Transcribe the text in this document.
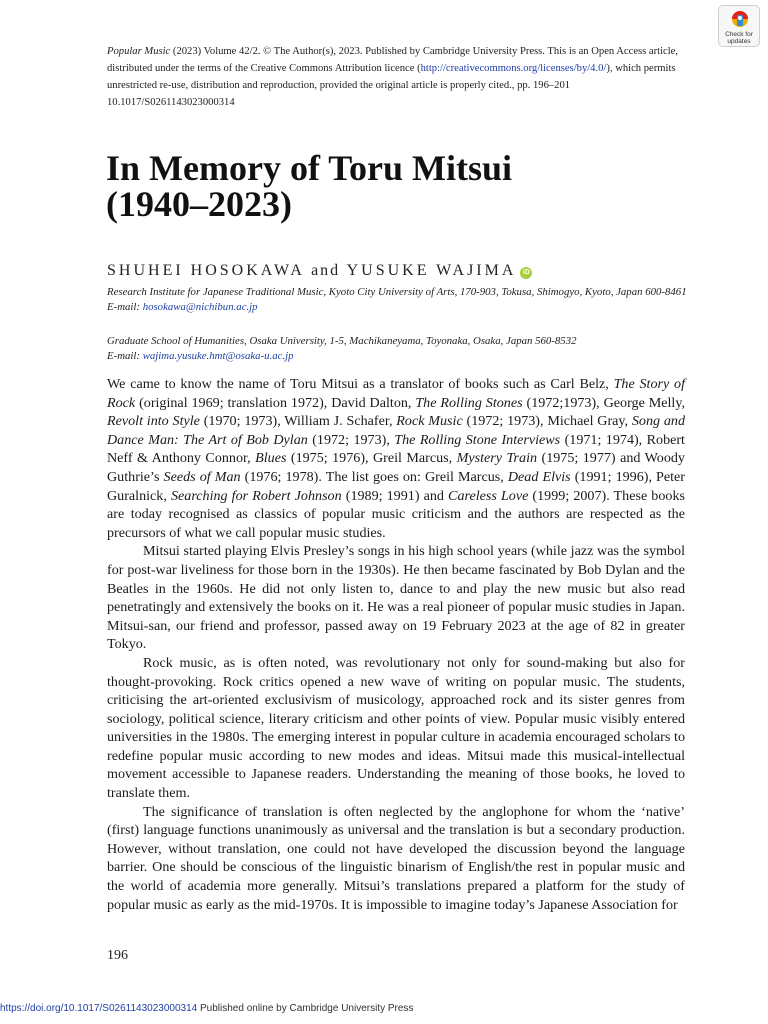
Popular Music (2023) Volume 42/2. © The Author(s), 2023. Published by Cambridge University Press. This is an Open Access article, distributed under the terms of the Creative Commons Attribution licence (http://creativecommons.org/licenses/by/4.0/), which permits unrestricted re-use, distribution and reproduction, provided the original article is properly cited., pp. 196–201
10.1017/S0261143023000314
Check for
updates
In Memory of Toru Mitsui
(1940–2023)
SHUHEI HOSOKAWA and YUSUKE WAJIMA iD
Research Institute for Japanese Traditional Music, Kyoto City University of Arts, 170-903, Tokusa, Shimogyo, Kyoto, Japan 600-8461
E-mail: hosokawa@nichibun.ac.jp
Graduate School of Humanities, Osaka University, 1-5, Machikaneyama, Toyonaka, Osaka, Japan 560-8532
E-mail: wajima.yusuke.hmt@osaka-u.ac.jp

We came to know the name of Toru Mitsui as a translator of books such as Carl Belz, The Story of Rock (original 1969; translation 1972), David Dalton, The Rolling Stones (1972;1973), George Melly, Revolt into Style (1970; 1973), William J. Schafer, Rock Music (1972; 1973), Michael Gray, Song and Dance Man: The Art of Bob Dylan (1972; 1973), The Rolling Stone Interviews (1971; 1974), Robert Neff & Anthony Connor, Blues (1975; 1976), Greil Marcus, Mystery Train (1975; 1977) and Woody Guthrie’s Seeds of Man (1976; 1978). The list goes on: Greil Marcus, Dead Elvis (1991; 1996), Peter Guralnick, Searching for Robert Johnson (1989; 1991) and Careless Love (1999; 2007). These books are today recognised as classics of popular music criticism and the authors are respected as the precursors of what we call popular music studies.

Mitsui started playing Elvis Presley’s songs in his high school years (while jazz was the symbol for post-war liveliness for those born in the 1930s). He then became fascinated by Bob Dylan and the Beatles in the 1960s. He did not only listen to, dance to and play the new music but also read penetratingly and extensively the books on it. He was a real pioneer of popular music studies in Japan. Mitsui-san, our friend and professor, passed away on 19 February 2023 at the age of 82 in greater Tokyo.

Rock music, as is often noted, was revolutionary not only for sound-making but also for thought-provoking. Rock critics opened a new wave of writing on popular music. The students, criticising the art-oriented exclusivism of musicology, approached rock and its sister genres from sociology, political science, literary criticism and other points of view. Popular music visibly entered universities in the 1980s. The emerging interest in popular culture in academia encouraged scholars to redefine popular music according to new modes and ideas. Mitsui made this musical-intellectual movement accessible to Japanese readers. Understanding the meaning of those books, he loved to translate them.

The significance of translation is often neglected by the anglophone for whom the ‘native’ (first) language functions unanimously as universal and the translation is but a secondary production. However, without translation, one could not have developed the discussion beyond the language barrier. One should be conscious of the linguistic binarism of English/the rest in popular music and the world of academia more generally. Mitsui’s translations prepared a platform for the study of popular music as early as the mid-1970s. It is impossible to imagine today’s Japanese Association for

196
https://doi.org/10.1017/S0261143023000314 Published online by Cambridge University Press
